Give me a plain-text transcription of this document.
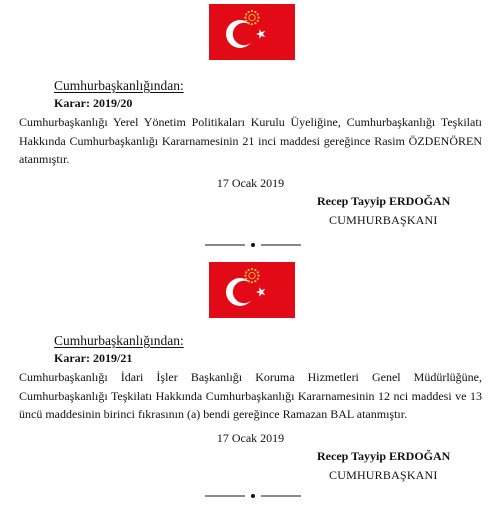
Cumhurbaşkanlığından:
Karar: 2019/20

Cumhurbaşkanlığı Yerel Yönetim Politikaları Kurulu Üyeliğine, Cumhurbaşkanlığı Teşkilatı Hakkında Cumhurbaşkanlığı Kararnamesinin 21 inci maddesi gereğince Rasim ÖZDENÖREN atanmıştır.

17 Ocak 2019
Recep Tayyip ERDOĞAN
CUMHURBAŞKANI
Cumhurbaşkanlığından:
Karar: 2019/21

Cumhurbaşkanlığı İdari İşler Başkanlığı Koruma Hizmetleri Genel Müdürlüğüne, Cumhurbaşkanlığı Teşkilatı Hakkında Cumhurbaşkanlığı Kararnamesinin 12 nci maddesi ve 13 üncü maddesinin birinci fıkrasının (a) bendi gereğince Ramazan BAL atanmıştır.

17 Ocak 2019
Recep Tayyip ERDOĞAN
CUMHURBAŞKANI
